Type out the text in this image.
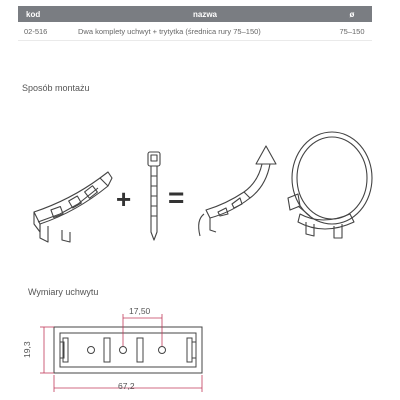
kod	nazwa	ø
02-516	Dwa komplety uchwyt + trytytka (średnica rury 75–150)	75–150
Sposób montażu
+ =
Wymiary uchwytu
17,50
19,3
67,2
